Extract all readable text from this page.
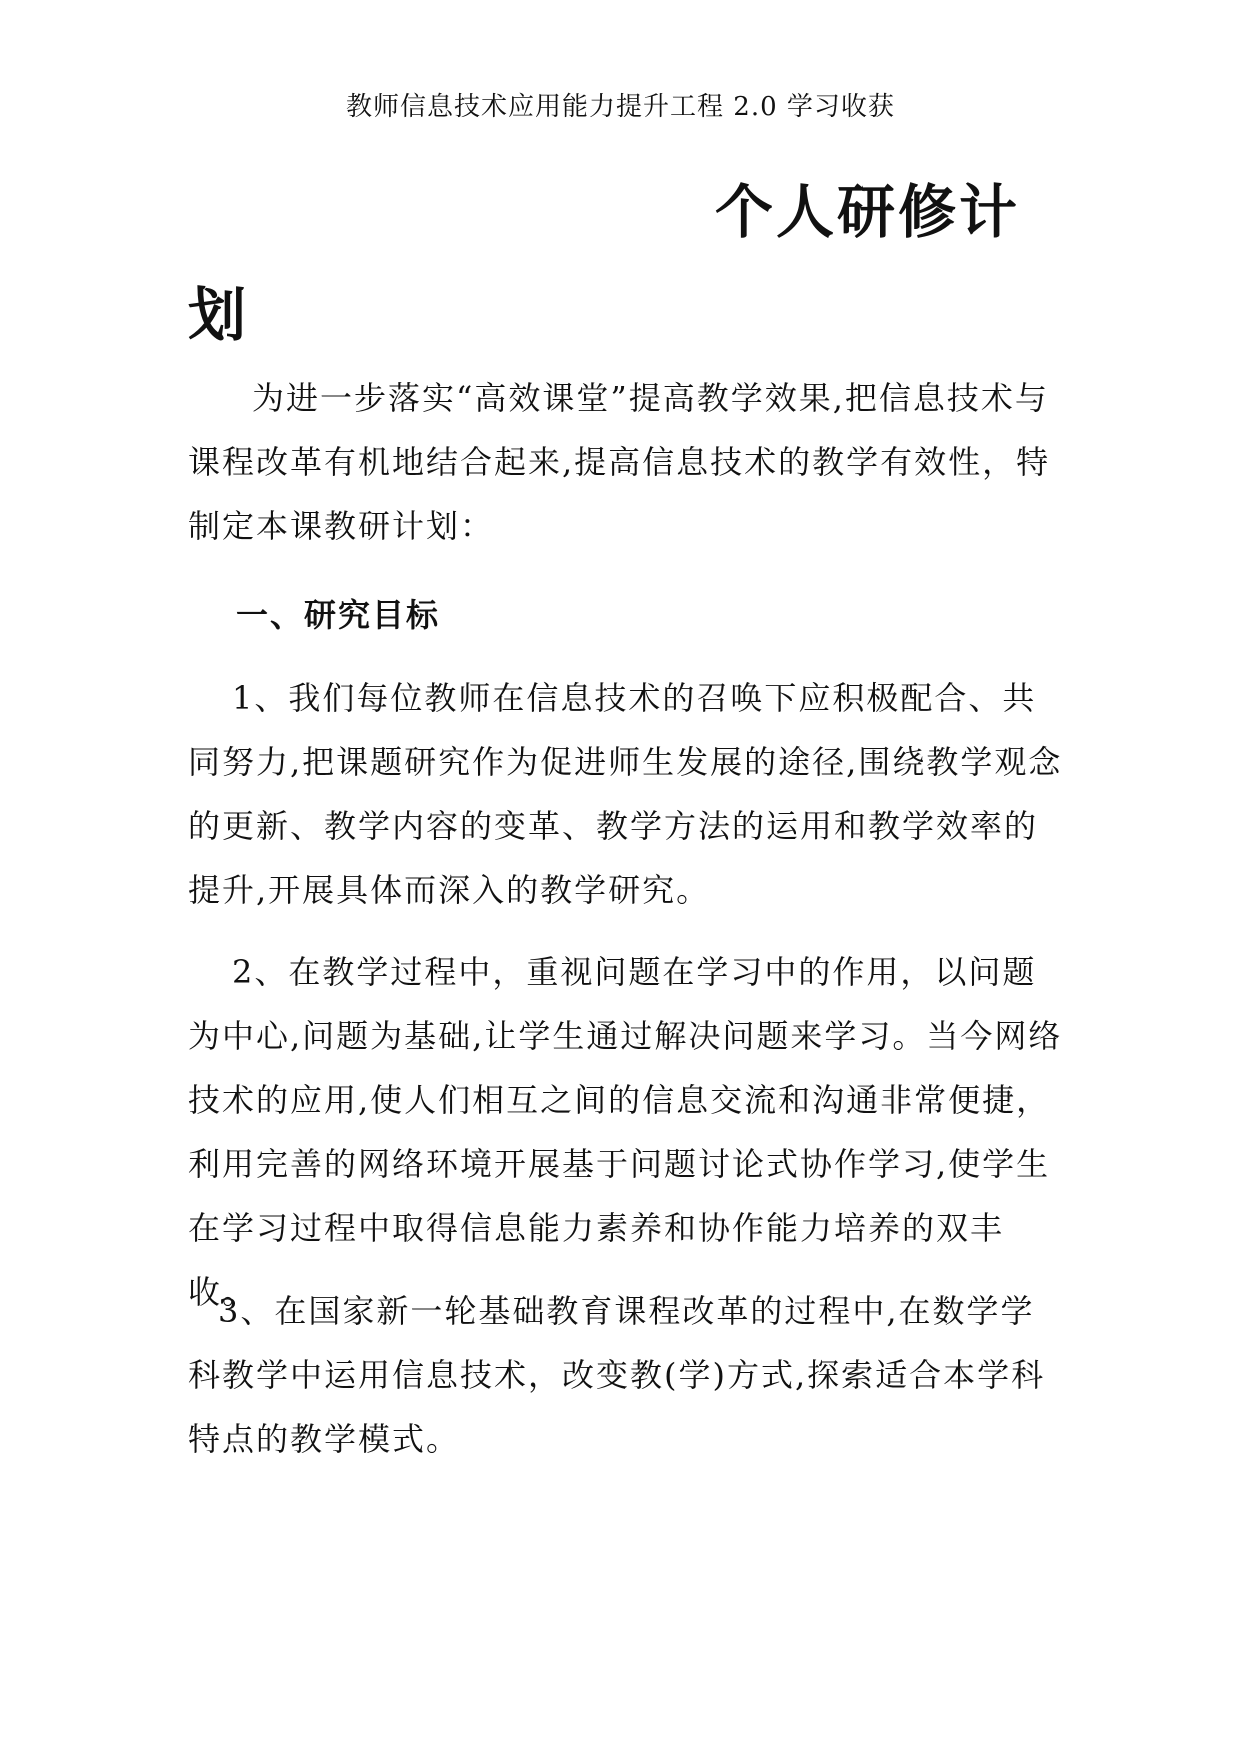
教师信息技术应用能力提升工程 2.0 学习收获
个人研修计
划

为进一步落实“高效课堂”提高教学效果,把信息技术与课程改革有机地结合起来,提高信息技术的教学有效性，特制定本课教研计划：

一、研究目标

1、我们每位教师在信息技术的召唤下应积极配合、共同努力,把课题研究作为促进师生发展的途径,围绕教学观念的更新、教学内容的变革、教学方法的运用和教学效率的提升,开展具体而深入的教学研究。

2、在教学过程中，重视问题在学习中的作用，以问题为中心,问题为基础,让学生通过解决问题来学习。当今网络技术的应用,使人们相互之间的信息交流和沟通非常便捷，利用完善的网络环境开展基于问题讨论式协作学习,使学生在学习过程中取得信息能力素养和协作能力培养的双丰收。

3、在国家新一轮基础教育课程改革的过程中,在数学学科教学中运用信息技术，改变教(学)方式,探索适合本学科特点的教学模式。
